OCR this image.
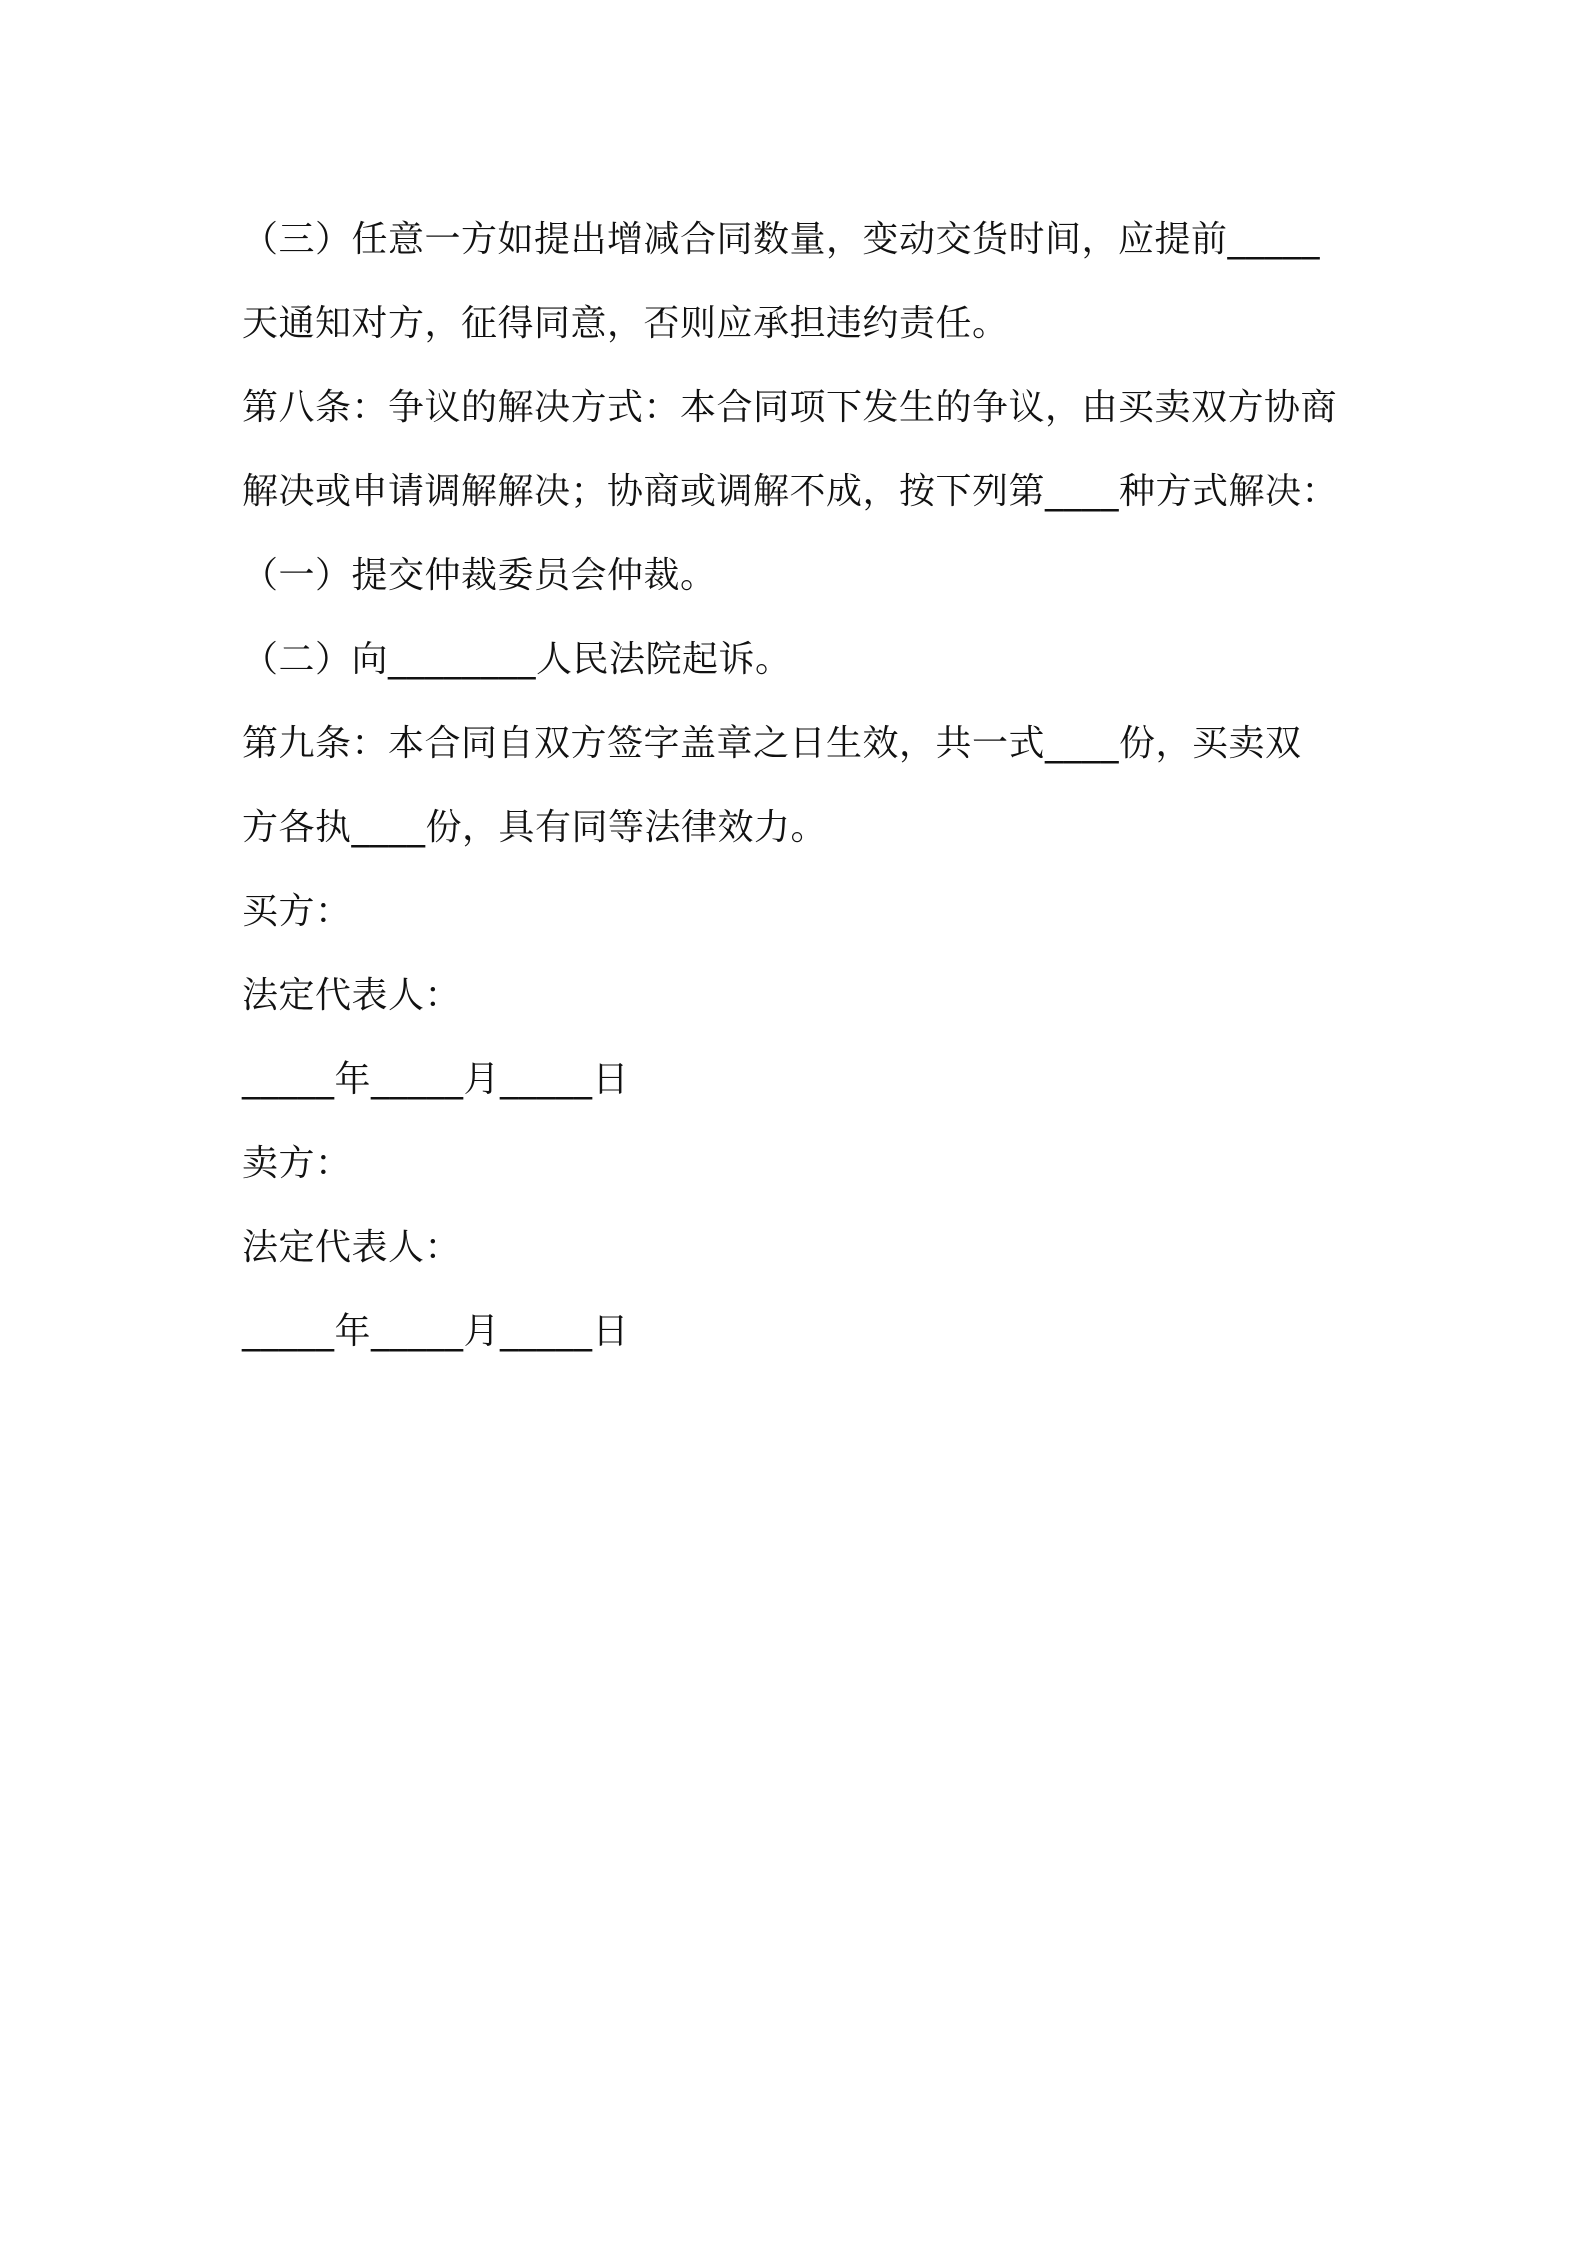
（三）任意一方如提出增减合同数量，变动交货时间，应提前_____
天通知对方，征得同意，否则应承担违约责任。
第八条：争议的解决方式：本合同项下发生的争议，由买卖双方协商
解决或申请调解解决；协商或调解不成，按下列第____种方式解决：
（一）提交仲裁委员会仲裁。
（二）向________人民法院起诉。
第九条：本合同自双方签字盖章之日生效，共一式____份，买卖双
方各执____份，具有同等法律效力。
买方：
法定代表人：
_____年_____月_____日
卖方：
法定代表人：
_____年_____月_____日
